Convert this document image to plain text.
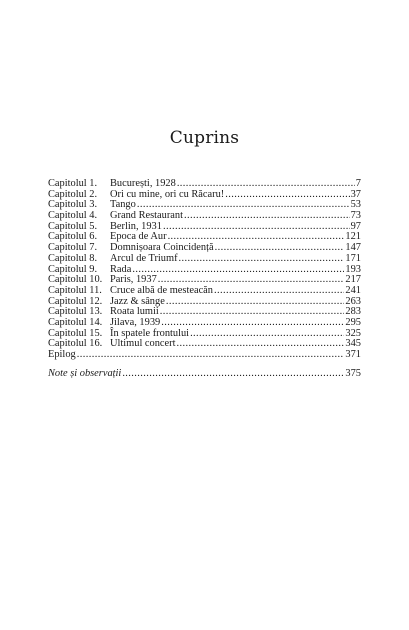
Cuprins
Capitolul 1. București, 1928 .....	7
Capitolul 2. Ori cu mine, ori cu Răcaru! .....	37
Capitolul 3. Tango .....	53
Capitolul 4. Grand Restaurant .....	73
Capitolul 5. Berlin, 1931 .....	97
Capitolul 6. Epoca de Aur .....	121
Capitolul 7. Domnișoara Coincidență .....	147
Capitolul 8. Arcul de Triumf .....	171
Capitolul 9. Rada .....	193
Capitolul 10. Paris, 1937 .....	217
Capitolul 11. Cruce albă de mesteacăn .....	241
Capitolul 12. Jazz & sânge .....	263
Capitolul 13. Roata lumii .....	283
Capitolul 14. Jilava, 1939 .....	295
Capitolul 15. În spatele frontului .....	325
Capitolul 16. Ultimul concert .....	345
Epilog .....	371
Note și observații .....	375
